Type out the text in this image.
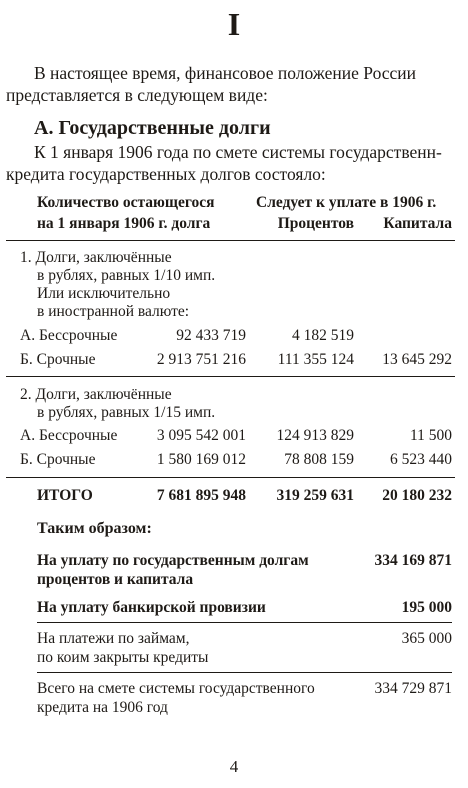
I
В настоящее время, финансовое положение России
представляется в следующем виде:
А. Государственные долги
К 1 января 1906 года по смете системы государственн-
кредита государственных долгов состояло:
Количество остающегося
на 1 января 1906 г. долга
Следует к уплате в 1906 г.
Процентов	Капитала
1. Долги, заключённые
в рублях, равных 1/10 имп.
Или исключительно
в иностранной валюте:
А. Бессрочные	92 433 719	4 182 519
Б. Срочные	2 913 751 216	111 355 124	13 645 292
2. Долги, заключённые
в рублях, равных 1/15 имп.
А. Бессрочные	3 095 542 001	124 913 829	11 500
Б. Срочные	1 580 169 012	78 808 159	6 523 440
ИТОГО	7 681 895 948	319 259 631	20 180 232
Таким образом:
На уплату по государственным долгам
процентов и капитала
334 169 871
На уплату банкирской провизии	195 000
На платежи по займам,
по коим закрыты кредиты
365 000
Всего на смете системы государственного
кредита на 1906 год
334 729 871
4
